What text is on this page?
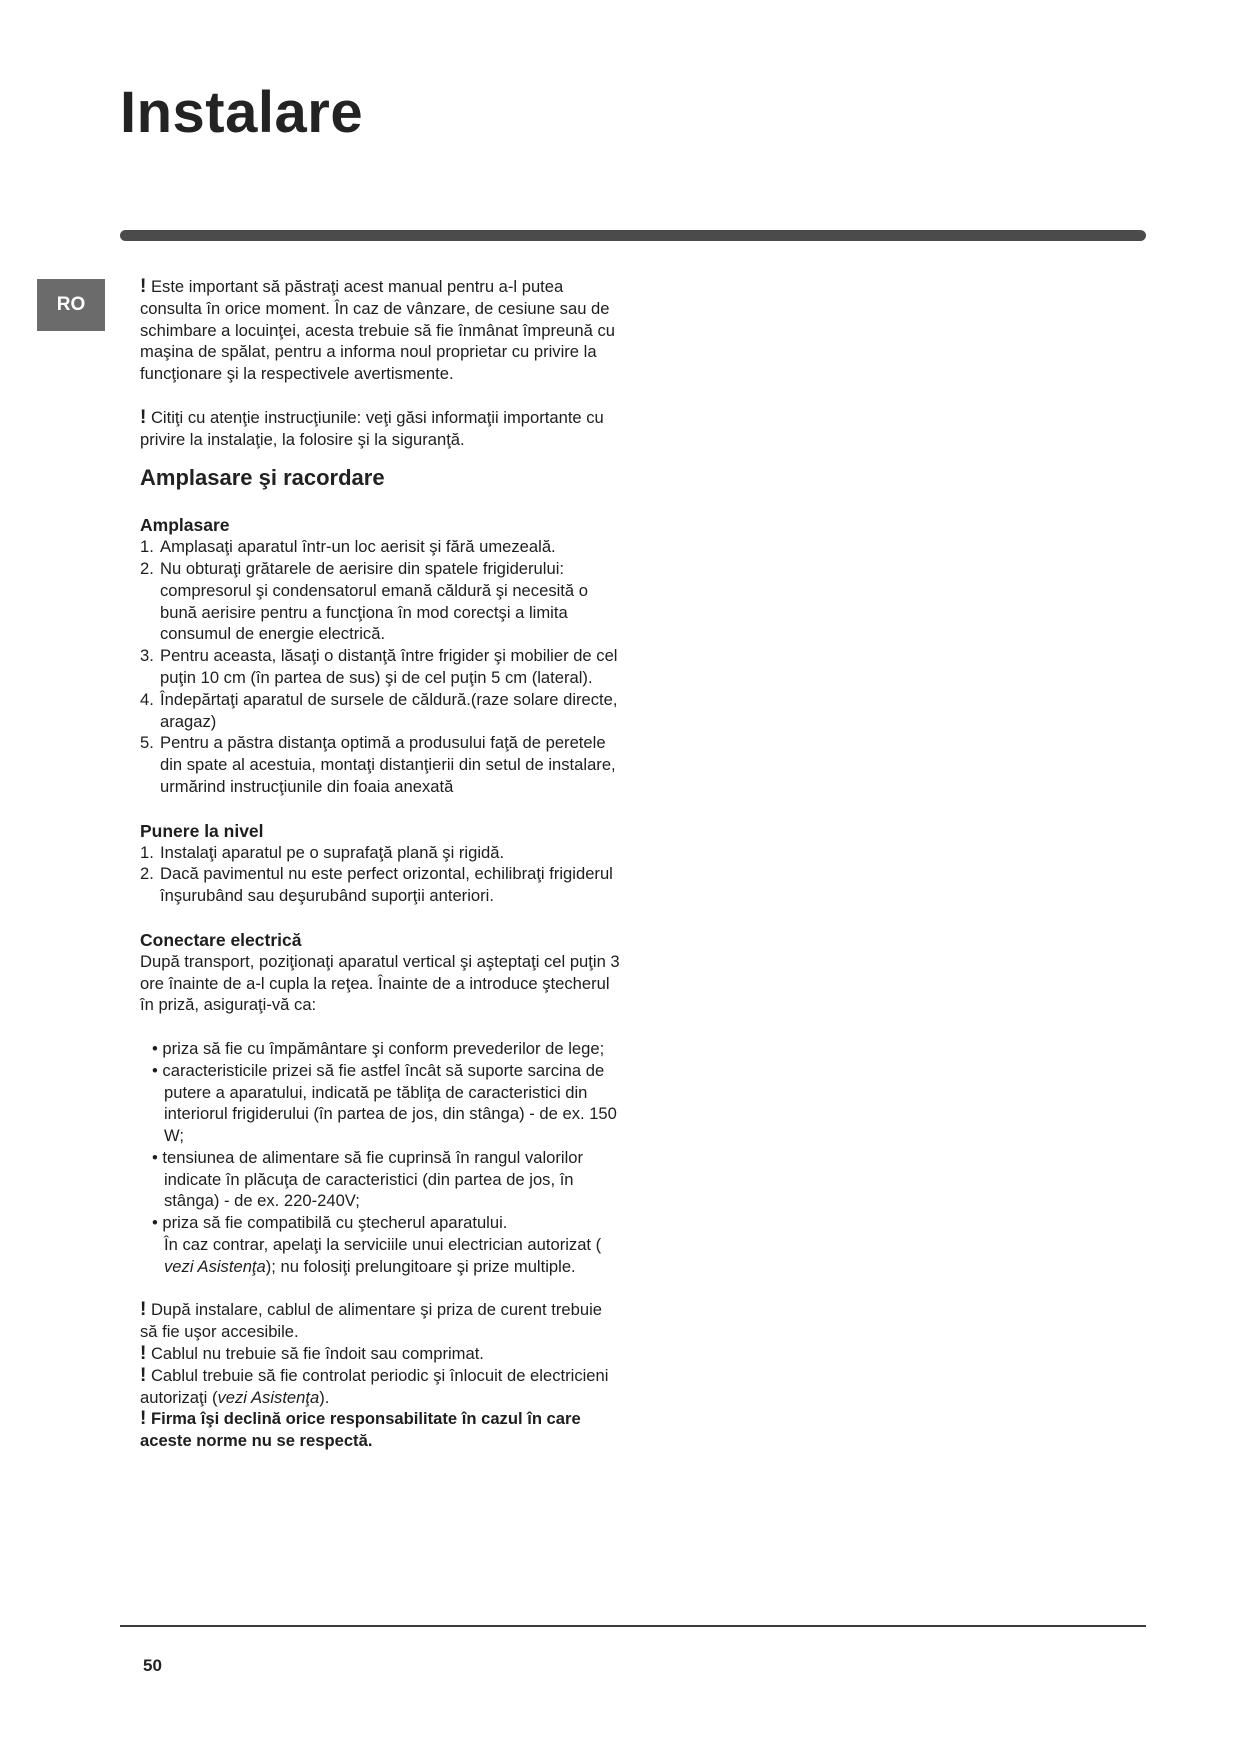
Instalare
RO

! Este important să păstraţi acest manual pentru a-l putea consulta în orice moment. În caz de vânzare, de cesiune sau de schimbare a locuinţei, acesta trebuie să fie înmânat împreună cu maşina de spălat, pentru a informa noul proprietar cu privire la funcţionare şi la respectivele avertismente.

! Citiţi cu atenţie instrucţiunile: veţi găsi informaţii importante cu privire la instalaţie, la folosire şi la siguranţă.

Amplasare şi racordare
Amplasare
1. Amplasaţi aparatul într-un loc aerisit şi fără umezeală.
2. Nu obturaţi grătarele de aerisire din spatele frigiderului: compresorul şi condensatorul emană căldură şi necesită o bună aerisire pentru a funcţiona în mod corectşi a limita consumul de energie electrică.
3. Pentru aceasta, lăsaţi o distanţă între frigider şi mobilier de cel puţin 10 cm (în partea de sus) şi de cel puţin 5 cm (lateral).
4. Îndepărtaţi aparatul de sursele de căldură.(raze solare directe, aragaz)
5. Pentru a păstra distanţa optimă a produsului faţă de peretele din spate al acestuia, montaţi distanţierii din setul de instalare, urmărind instrucţiunile din foaia anexată
Punere la nivel
1. Instalaţi aparatul pe o suprafaţă plană şi rigidă.
2. Dacă pavimentul nu este perfect orizontal, echilibraţi frigiderul înşurubând sau deşurubând suporţii anteriori.
Conectare electrică

După transport, poziţionaţi aparatul vertical şi aşteptaţi cel puţin 3 ore înainte de a-l cupla la reţea. Înainte de a introduce ştecherul în priză, asiguraţi-vă ca:

• priza să fie cu împământare şi conform prevederilor de lege;
• caracteristicile prizei să fie astfel încât să suporte sarcina de putere a aparatului, indicată pe tăbliţa de caracteristici din interiorul frigiderului (în partea de jos, din stânga) - de ex. 150 W;
• tensiunea de alimentare să fie cuprinsă în rangul valorilor indicate în plăcuţa de caracteristici (din partea de jos, în stânga) - de ex. 220-240V;
• priza să fie compatibilă cu ştecherul aparatului.
În caz contrar, apelaţi la serviciile unui electrician autorizat ( vezi Asistenţa); nu folosiţi prelungitoare şi prize multiple.

! După instalare, cablul de alimentare şi priza de curent trebuie să fie uşor accesibile.

! Cablul nu trebuie să fie îndoit sau comprimat.

! Cablul trebuie să fie controlat periodic şi înlocuit de electricieni autorizaţi (vezi Asistenţa).

! Firma îşi declină orice responsabilitate în cazul în care aceste norme nu se respectă.

50
